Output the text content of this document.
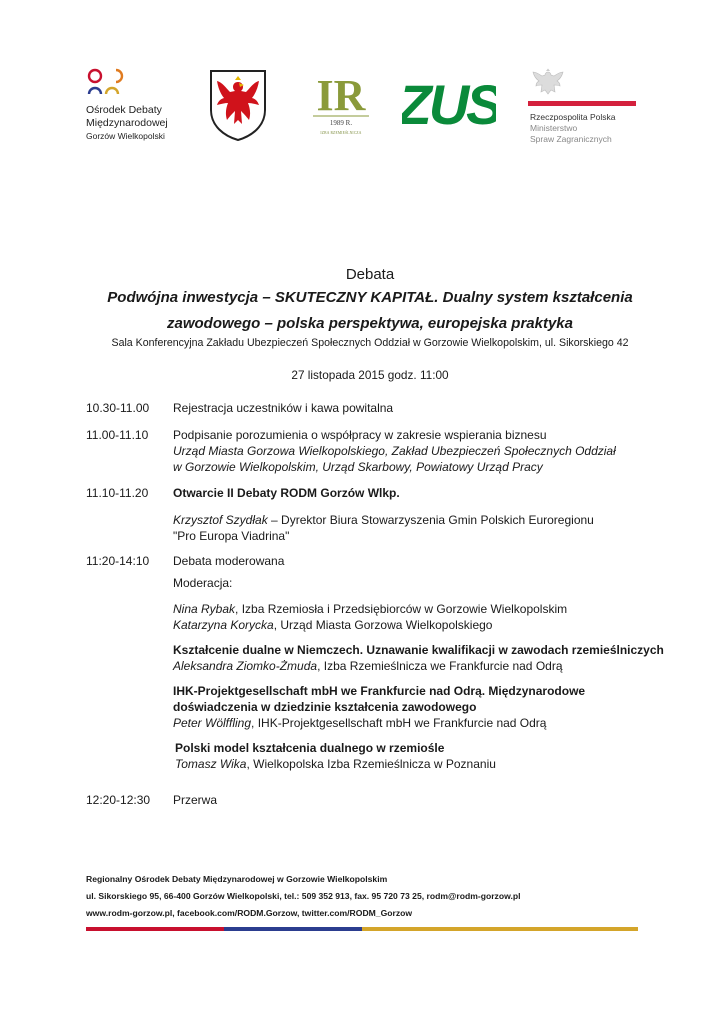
Ośrodek Debaty
Międzynarodowej
Gorzów Wielkopolski
IR
1989 R.
IZBA RZEMIEŚLNICZA ZUS	Rzeczpospolita Polska
Ministerstwo
Spraw Zagranicznych
Debata
Podwójna inwestycja – SKUTECZNY KAPITAŁ. Dualny system kształcenia
zawodowego – polska perspektywa, europejska praktyka
Sala Konferencyjna Zakładu Ubezpieczeń Społecznych Oddział w Gorzowie Wielkopolskim, ul. Sikorskiego 42
27 listopada 2015 godz. 11:00
10.30-11.00 Rejestracja uczestników i kawa powitalna
11.00-11.10 Podpisanie porozumienia o współpracy w zakresie wspierania biznesu
Urząd Miasta Gorzowa Wielkopolskiego, Zakład Ubezpieczeń Społecznych Oddział
w Gorzowie Wielkopolskim, Urząd Skarbowy, Powiatowy Urząd Pracy
11.10-11.20 Otwarcie II Debaty RODM Gorzów Wlkp.
Krzysztof Szydłak – Dyrektor Biura Stowarzyszenia Gmin Polskich Euroregionu
"Pro Europa Viadrina"
11:20-14:10 Debata moderowana
Moderacja:
Nina Rybak, Izba Rzemiosła i Przedsiębiorców w Gorzowie Wielkopolskim
Katarzyna Korycka, Urząd Miasta Gorzowa Wielkopolskiego
Kształcenie dualne w Niemczech. Uznawanie kwalifikacji w zawodach rzemieślniczych
Aleksandra Ziomko-Żmuda, Izba Rzemieślnicza we Frankfurcie nad Odrą
IHK-Projektgesellschaft mbH we Frankfurcie nad Odrą. Międzynarodowe
doświadczenia w dziedzinie kształcenia zawodowego
Peter Wölffling, IHK-Projektgesellschaft mbH we Frankfurcie nad Odrą
Polski model kształcenia dualnego w rzemiośle
Tomasz Wika, Wielkopolska Izba Rzemieślnicza w Poznaniu
12:20-12:30 Przerwa
Regionalny Ośrodek Debaty Międzynarodowej w Gorzowie Wielkopolskim
ul. Sikorskiego 95, 66-400 Gorzów Wielkopolski, tel.: 509 352 913, fax. 95 720 73 25, rodm@rodm-gorzow.pl
www.rodm-gorzow.pl, facebook.com/RODM.Gorzow, twitter.com/RODM_Gorzow
